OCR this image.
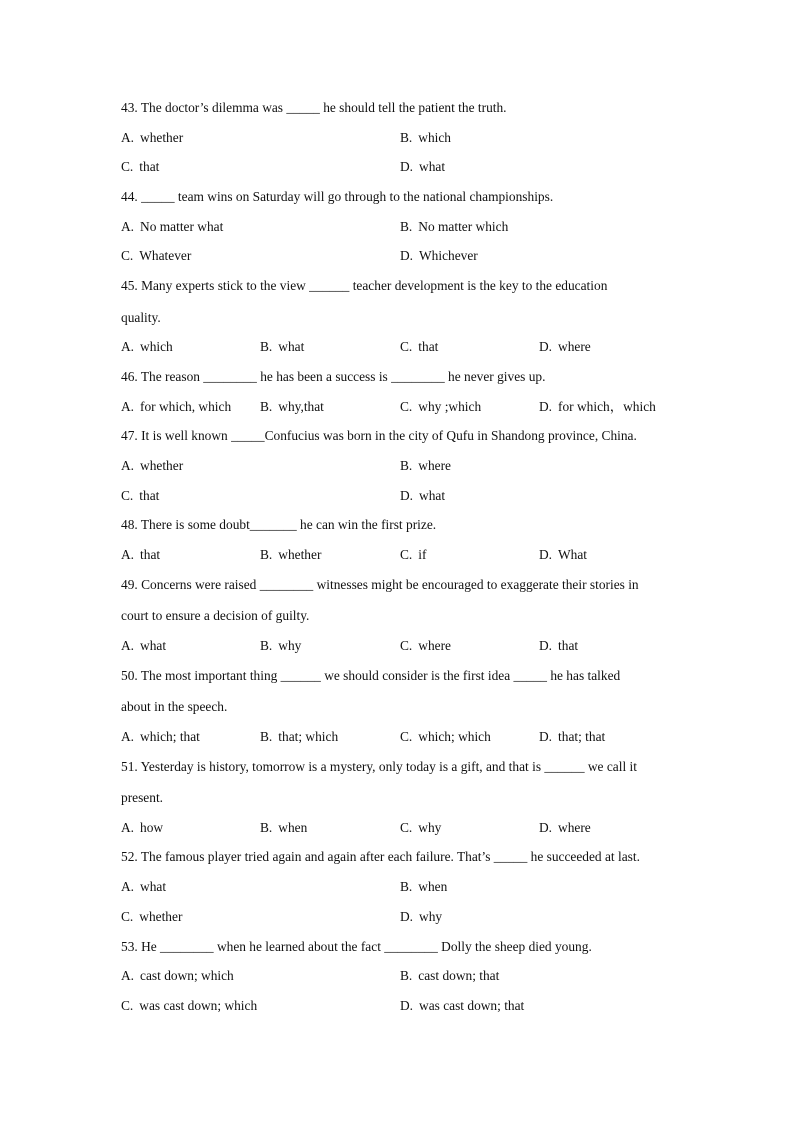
43. The doctor’s dilemma was _____ he should tell the patient the truth.
A. whether	B. which
C. that	D. what
44. _____ team wins on Saturday will go through to the national championships.
A. No matter what	B. No matter which
C. Whatever	D. Whichever
45. Many experts stick to the view ______ teacher development is the key to the education
quality.
A. which	B. what	C. that	D. where
46. The reason ________ he has been a success is ________ he never gives up.
A. for which, which B. why,that	C. why ;which	D. for which，which
47. It is well known _____Confucius was born in the city of Qufu in Shandong province, China.
A. whether	B. where
C. that	D. what
48. There is some doubt_______ he can win the first prize.
A. that	B. whether	C. if	D. What
49. Concerns were raised ________ witnesses might be encouraged to exaggerate their stories in
court to ensure a decision of guilty.
A. what	B. why	C. where	D. that
50. The most important thing ______ we should consider is the first idea _____ he has talked
about in the speech.
A. which; that	B. that; which	C. which; which	D. that; that
51. Yesterday is history, tomorrow is a mystery, only today is a gift, and that is ______ we call it
present.
A. how	B. when	C. why	D. where
52. The famous player tried again and again after each failure. That’s _____ he succeeded at last.
A. what	B. when
C. whether	D. why
53. He ________ when he learned about the fact ________ Dolly the sheep died young.
A. cast down; which	B. cast down; that
C. was cast down; which	D. was cast down; that
